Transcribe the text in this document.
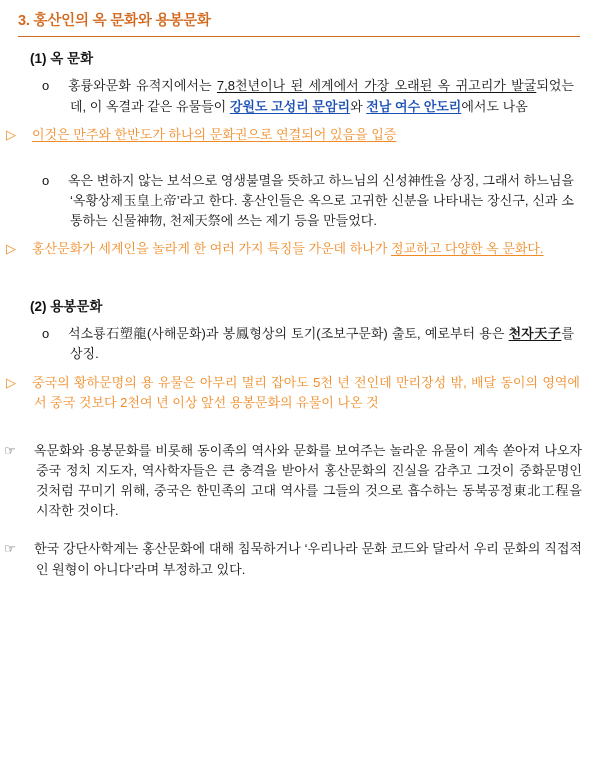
3. 홍산인의 옥 문화와 용봉문화
(1) 옥 문화
o 홍륭와문화 유적지에서는 7,8천년이나 된 세계에서 가장 오래된 옥 귀고리가 발굴되었는데, 이 옥결과 같은 유물들이 강원도 고성리 문암리와 전남 여수 안도리에서도 나옴
▷ 이것은 만주와 한반도가 하나의 문화권으로 연결되어 있음을 입증
o 옥은 변하지 않는 보석으로 영생불멸을 뜻하고 하느님의 신성神性을 상징, 그래서 하느님을 ‘옥황상제玉皇上帝’라고 한다. 홍산인들은 옥으로 고귀한 신분을 나타내는 장신구, 신과 소통하는 신물神物, 천제天祭에 쓰는 제기 등을 만들었다.
▷ 홍산문화가 세계인을 놀라게 한 여러 가지 특징들 가운데 하나가 정교하고 다양한 옥 문화다.
(2) 용봉문화
o 석소룡石塑龍(사해문화)과 봉鳳형상의 토기(조보구문화) 출토, 예로부터 용은 천자天子를 상징.
▷ 중국의 황하문명의 용 유물은 아무리 멀리 잡아도 5천 년 전인데 만리장성 밖, 배달 동이의 영역에서 중국 것보다 2천여 년 이상 앞선 용봉문화의 유물이 나온 것
☞ 옥문화와 용봉문화를 비롯해 동이족의 역사와 문화를 보여주는 놀라운 유물이 계속 쏟아져 나오자 중국 정치 지도자, 역사학자들은 큰 충격을 받아서 홍산문화의 진실을 감추고 그것이 중화문명인 것처럼 꾸미기 위해, 중국은 한민족의 고대 역사를 그들의 것으로 흡수하는 동북공정東北工程을 시작한 것이다.
☞ 한국 강단사학계는 홍산문화에 대해 침묵하거나 ‘우리나라 문화 코드와 달라서 우리 문화의 직접적인 원형이 아니다’라며 부정하고 있다.
